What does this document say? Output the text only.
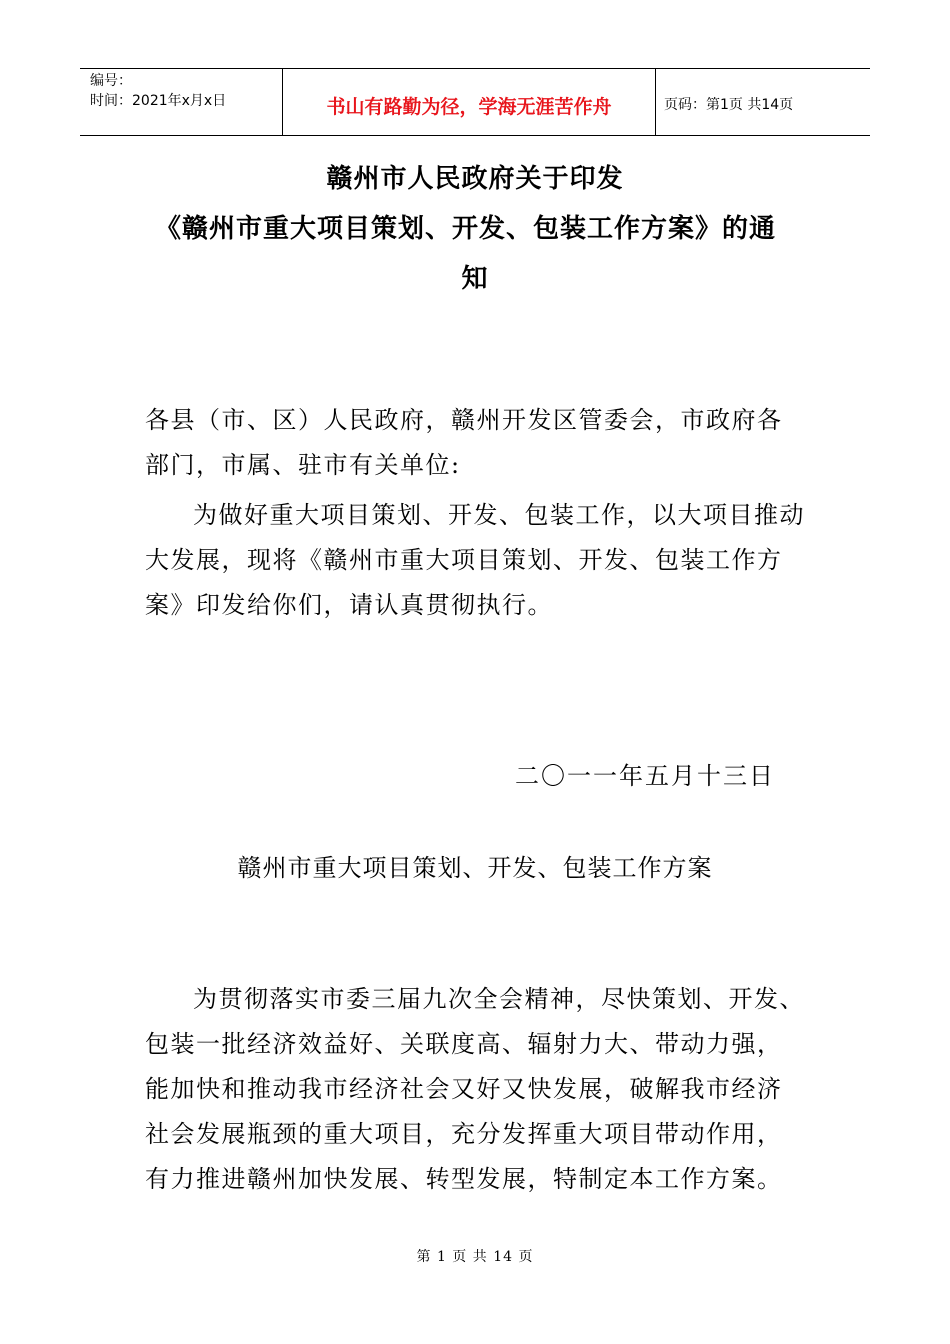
编号：
时间：2021年x月x日	书山有路勤为径，学海无涯苦作舟	页码：第1页 共14页
赣州市人民政府关于印发
《赣州市重大项目策划、开发、包装工作方案》的通
知
各县（市、区）人民政府，赣州开发区管委会，市政府各
部门，市属、驻市有关单位:
为做好重大项目策划、开发、包装工作，以大项目推动
大发展，现将《赣州市重大项目策划、开发、包装工作方
案》印发给你们，请认真贯彻执行。
二〇一一年五月十三日
赣州市重大项目策划、开发、包装工作方案
为贯彻落实市委三届九次全会精神，尽快策划、开发、
包装一批经济效益好、关联度高、辐射力大、带动力强，
能加快和推动我市经济社会又好又快发展，破解我市经济
社会发展瓶颈的重大项目，充分发挥重大项目带动作用，
有力推进赣州加快发展、转型发展，特制定本工作方案。
第 1 页 共 14 页
